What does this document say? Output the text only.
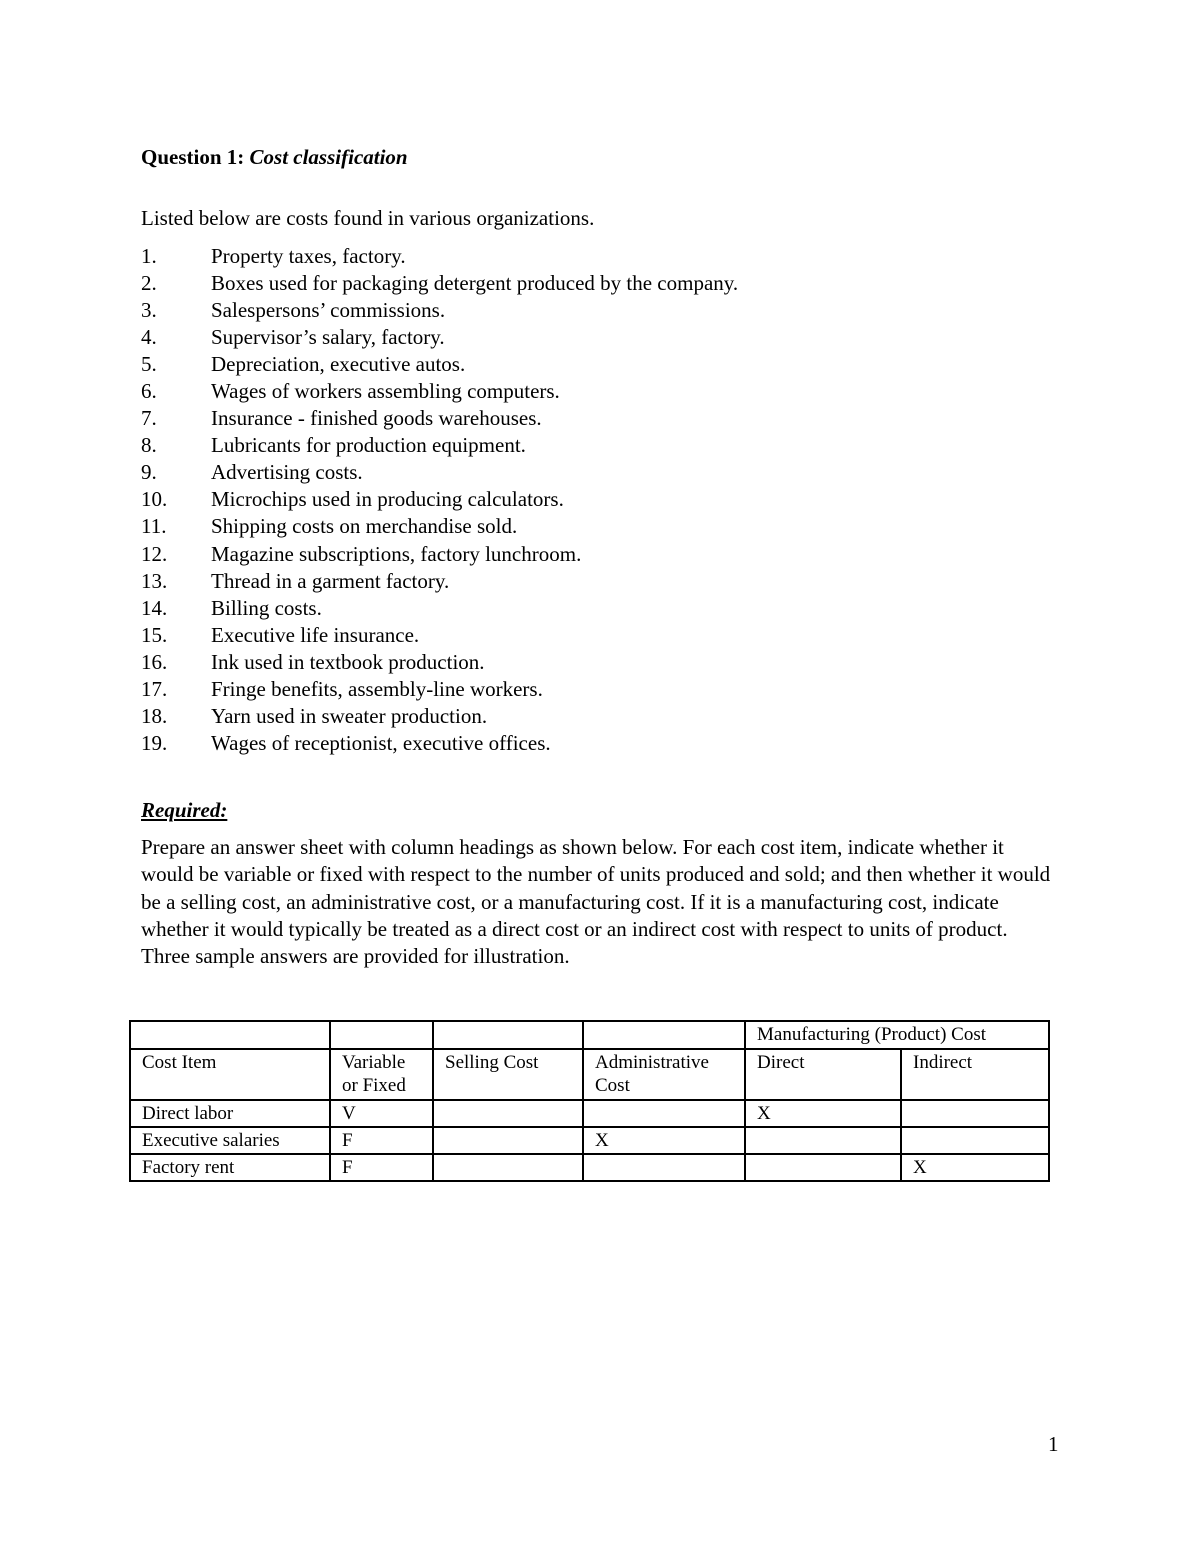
Question 1: Cost classification
Listed below are costs found in various organizations.
1.	Property taxes, factory.
2.	Boxes used for packaging detergent produced by the company.
3.	Salespersons’ commissions.
4.	Supervisor’s salary, factory.
5.	Depreciation, executive autos.
6.	Wages of workers assembling computers.
7.	Insurance - finished goods warehouses.
8.	Lubricants for production equipment.
9.	Advertising costs.
10. Microchips used in producing calculators.
11. Shipping costs on merchandise sold.
12. Magazine subscriptions, factory lunchroom.
13. Thread in a garment factory.
14. Billing costs.
15. Executive life insurance.
16. Ink used in textbook production.
17. Fringe benefits, assembly-line workers.
18. Yarn used in sweater production.
19. Wages of receptionist, executive offices.
Required:

Prepare an answer sheet with column headings as shown below. For each cost item, indicate whether it would be variable or fixed with respect to the number of units produced and sold; and then whether it would be a selling cost, an administrative cost, or a manufacturing cost. If it is a manufacturing cost, indicate whether it would typically be treated as a direct cost or an indirect cost with respect to units of product. Three sample answers are provided for illustration.

				Manufacturing (Product) Cost	
Cost Item	Variable or Fixed	Selling Cost	Administrative Cost	Direct	Indirect
Direct labor	V			X	
Executive salaries	F		X		
Factory rent	F				X
1
